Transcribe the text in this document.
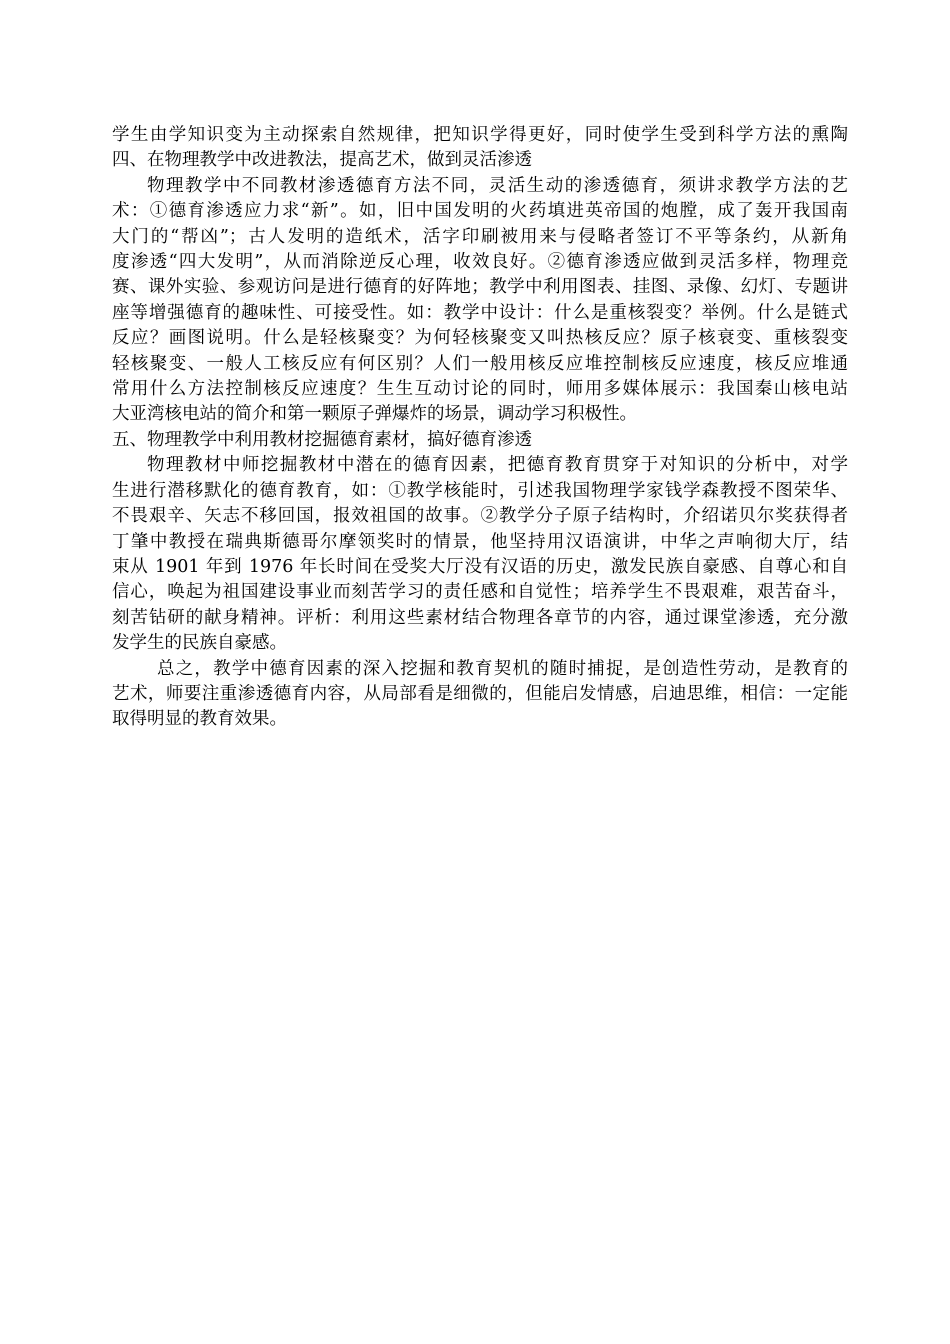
学生由学知识变为主动探索自然规律，把知识学得更好，同时使学生受到科学方法的熏陶
四、在物理教学中改进教法，提高艺术，做到灵活渗透
物理教学中不同教材渗透德育方法不同，灵活生动的渗透德育，须讲求教学方法的艺
术：①德育渗透应力求“新”。如，旧中国发明的火药填进英帝国的炮膛，成了轰开我国南
大门的“帮凶”；古人发明的造纸术，活字印刷被用来与侵略者签订不平等条约，从新角
度渗透“四大发明”，从而消除逆反心理，收效良好。②德育渗透应做到灵活多样，物理竞
赛、课外实验、参观访问是进行德育的好阵地；教学中利用图表、挂图、录像、幻灯、专题讲
座等增强德育的趣味性、可接受性。如：教学中设计：什么是重核裂变？举例。什么是链式
反应？画图说明。什么是轻核聚变？为何轻核聚变又叫热核反应？原子核衰变、重核裂变
轻核聚变、一般人工核反应有何区别？人们一般用核反应堆控制核反应速度，核反应堆通
常用什么方法控制核反应速度？生生互动讨论的同时，师用多媒体展示：我国秦山核电站
大亚湾核电站的简介和第一颗原子弹爆炸的场景，调动学习积极性。
五、物理教学中利用教材挖掘德育素材，搞好德育渗透
物理教材中师挖掘教材中潜在的德育因素，把德育教育贯穿于对知识的分析中，对学
生进行潜移默化的德育教育，如：①教学核能时，引述我国物理学家钱学森教授不图荣华、
不畏艰辛、矢志不移回国，报效祖国的故事。②教学分子原子结构时，介绍诺贝尔奖获得者
丁肇中教授在瑞典斯德哥尔摩领奖时的情景，他坚持用汉语演讲，中华之声响彻大厅，结
束从 1901 年到 1976 年长时间在受奖大厅没有汉语的历史，激发民族自豪感、自尊心和自
信心，唤起为祖国建设事业而刻苦学习的责任感和自觉性；培养学生不畏艰难，艰苦奋斗，
刻苦钻研的献身精神。评析：利用这些素材结合物理各章节的内容，通过课堂渗透，充分激
发学生的民族自豪感。
总之，教学中德育因素的深入挖掘和教育契机的随时捕捉，是创造性劳动，是教育的
艺术，师要注重渗透德育内容，从局部看是细微的，但能启发情感，启迪思维，相信：一定能
取得明显的教育效果。
